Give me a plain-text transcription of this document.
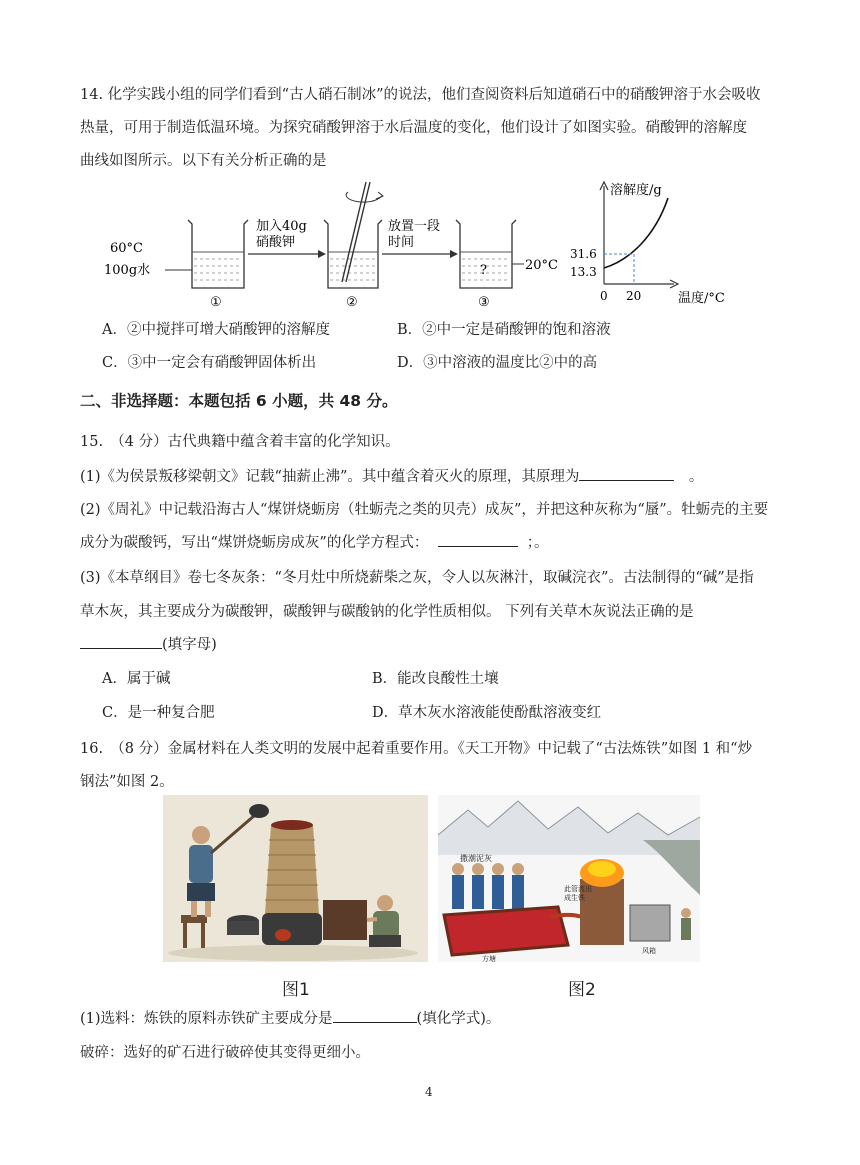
14. 化学实践小组的同学们看到“古人硝石制冰”的说法，他们查阅资料后知道硝石中的硝酸钾溶于水会吸收
热量，可用于制造低温环境。为探究硝酸钾溶于水后温度的变化，他们设计了如图实验。硝酸钾的溶解度
曲线如图所示。以下有关分析正确的是
60°C
100g水
①
加入40g
硝酸钾
②
放置一段
时间
?	20°C
③
溶解度/g
31.6
13.3
0 20	温度/°C
A．②中搅拌可增大硝酸钾的溶解度	B．②中一定是硝酸钾的饱和溶液
C．③中一定会有硝酸钾固体析出	D．③中溶液的温度比②中的高
二、非选择题：本题包括 6 小题，共 48 分。
15.　（4 分）古代典籍中蕴含着丰富的化学知识。
(1)《为侯景叛移梁朝文》记载“抽薪止沸”。其中蕴含着灭火的原理，其原理为　	。
(2)《周礼》中记载沿海古人“煤饼烧蛎房（牡蛎壳之类的贝壳）成灰”，并把这种灰称为“蜃”。牡蛎壳的主要
成分为碳酸钙，写出“煤饼烧蛎房成灰”的化学方程式：	；。
(3)《本草纲目》卷七冬灰条：“冬月灶中所烧薪柴之灰，令人以灰淋汁，取碱浣衣”。古法制得的“碱”是指
草木灰，其主要成分为碳酸钾，碳酸钾与碳酸钠的化学性质相似。 下列有关草木灰说法正确的是
(填字母)
A．属于碱	B．能改良酸性土壤
C．是一种复合肥	D．草木灰水溶液能使酚酞溶液变红
16.　（8 分）金属材料在人类文明的发展中起着重要作用。《天工开物》中记载了“古法炼铁”如图 1 和“炒
钢法”如图 2。
撒潮泥灰
此管流出
成生铁
方塘
风箱
图1	图2
(1)选料：炼铁的原料赤铁矿主要成分是	(填化学式)。
破碎：选好的矿石进行破碎使其变得更细小。
4
